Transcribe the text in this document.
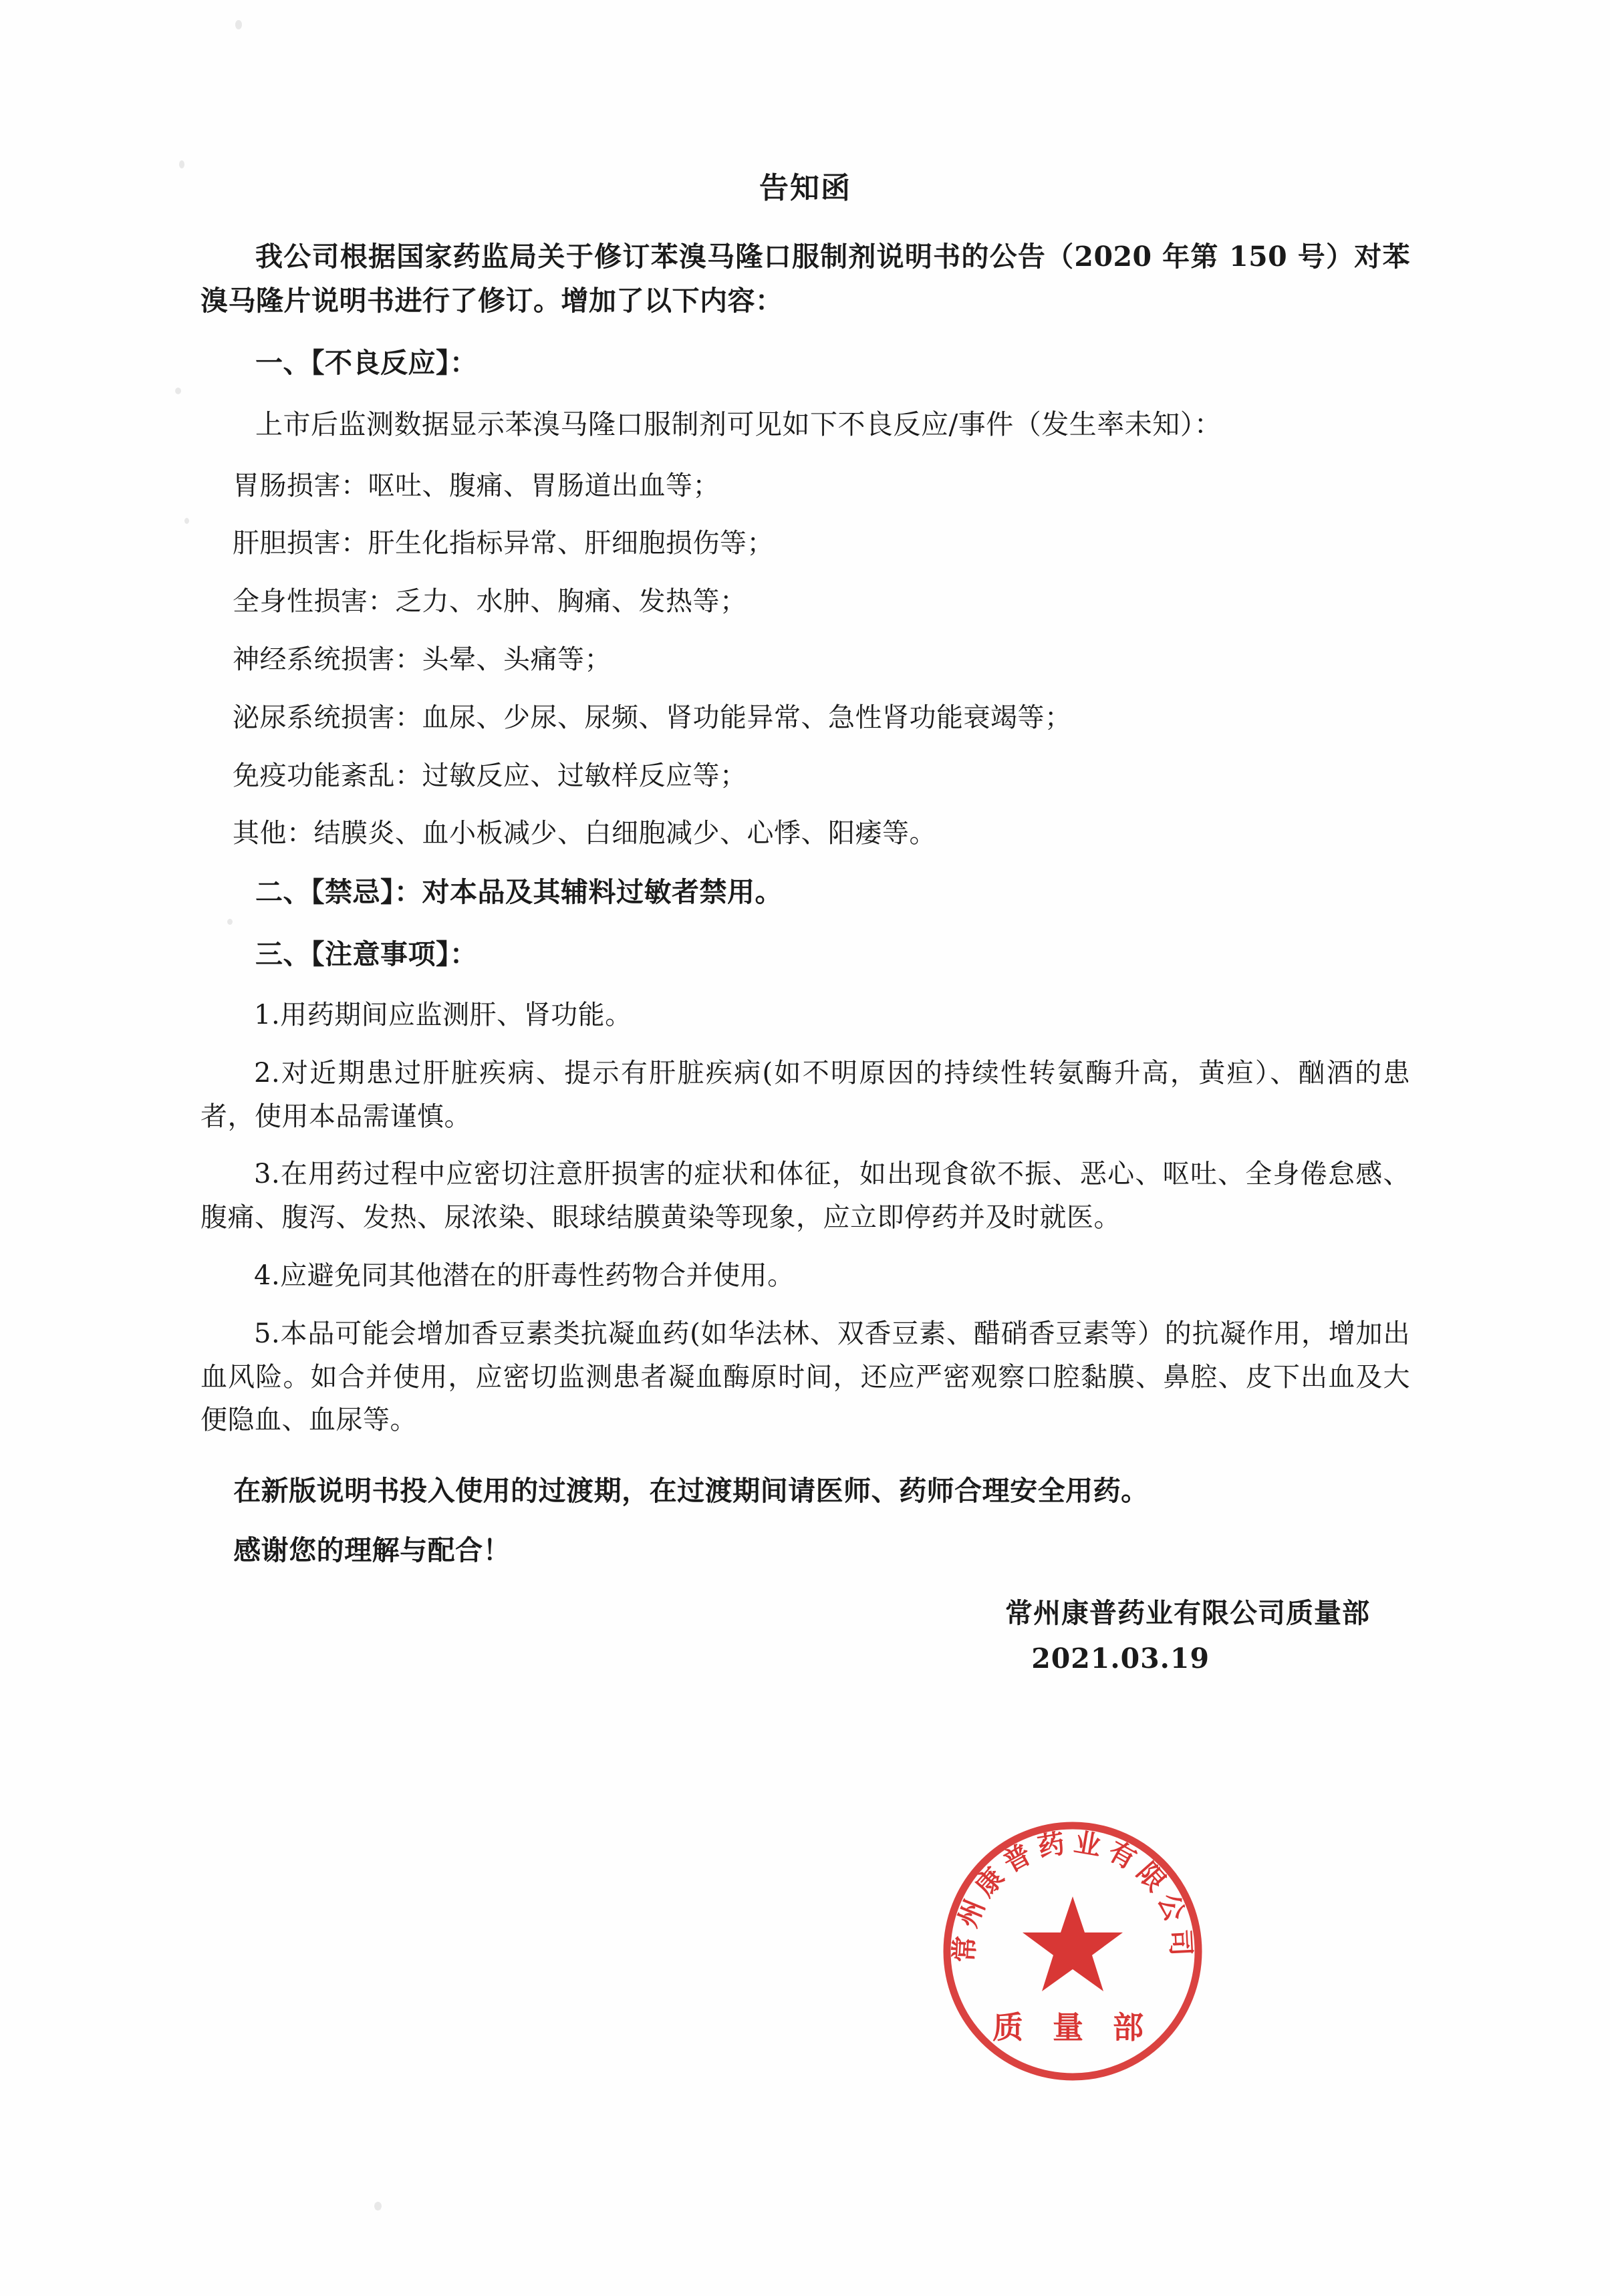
告知函

我公司根据国家药监局关于修订苯溴马隆口服制剂说明书的公告（2020 年第 150 号）对苯溴马隆片说明书进行了修订。增加了以下内容：

一、【不良反应】：

上市后监测数据显示苯溴马隆口服制剂可见如下不良反应/事件（发生率未知）：

胃肠损害：呕吐、腹痛、胃肠道出血等；

肝胆损害：肝生化指标异常、肝细胞损伤等；

全身性损害：乏力、水肿、胸痛、发热等；

神经系统损害：头晕、头痛等；

泌尿系统损害：血尿、少尿、尿频、肾功能异常、急性肾功能衰竭等；

免疫功能紊乱：过敏反应、过敏样反应等；

其他：结膜炎、血小板减少、白细胞减少、心悸、阳痿等。

二、【禁忌】：对本品及其辅料过敏者禁用。

三、【注意事项】：

1.用药期间应监测肝、肾功能。

2.对近期患过肝脏疾病、提示有肝脏疾病(如不明原因的持续性转氨酶升高，黄疸）、酗酒的患者，使用本品需谨慎。

3.在用药过程中应密切注意肝损害的症状和体征，如出现食欲不振、恶心、呕吐、全身倦怠感、腹痛、腹泻、发热、尿浓染、眼球结膜黄染等现象，应立即停药并及时就医。

4.应避免同其他潜在的肝毒性药物合并使用。

5.本品可能会增加香豆素类抗凝血药(如华法林、双香豆素、醋硝香豆素等）的抗凝作用，增加出血风险。如合并使用，应密切监测患者凝血酶原时间，还应严密观察口腔黏膜、鼻腔、皮下出血及大便隐血、血尿等。

在新版说明书投入使用的过渡期，在过渡期间请医师、药师合理安全用药。

感谢您的理解与配合！

常州康普药业有限公司质量部
2021.03.19
常州康普药业有限公司
质 量 部
